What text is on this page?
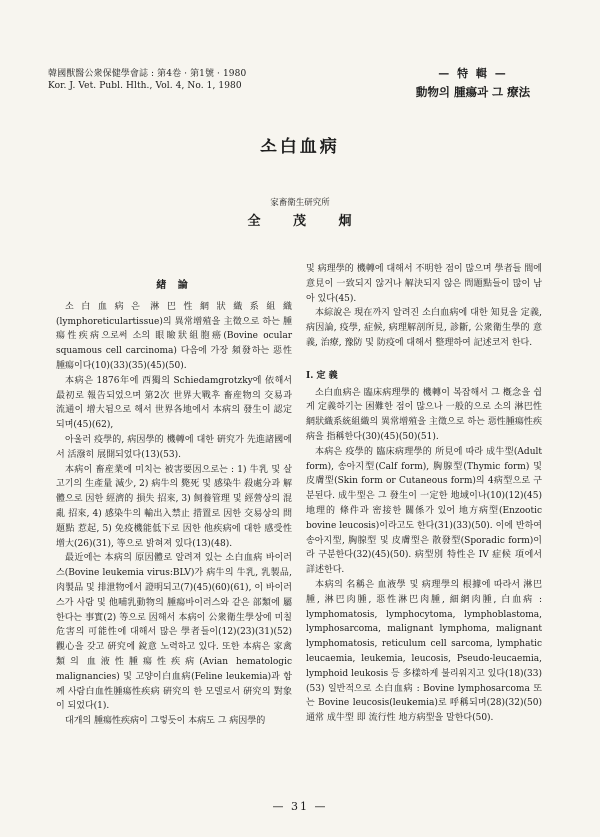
韓國獸醫公衆保健學會誌 : 第4卷 · 第1號 · 1980
Kor. J. Vet. Publ. Hlth., Vol. 4, No. 1, 1980
— 特 輯 —
動物의 腫瘍과 그 療法
소白血病
家畜衛生研究所
全 茂 炯
緖 論

소白血病은 淋巴性網狀織系組織(lymphoreticulartissue)의 異常增殖을 主徵으로 하는 腫瘍性疾病으로써 소의 眼瞼狀組胞癌(Bovine ocular squamous cell carcinoma) 다음에 가장 頻發하는 惡性腫瘍이다(10)(33)(35)(45)(50).

本病은 1876年에 西獨의 Schiedamgrotzky에 依해서 最初로 報告되었으며 第2次 世界大戰후 畜産物의 交易과 流通이 增大됨으로 해서 世界各地에서 本病의 發生이 認定되며(45)(62),

아울러 疫學的, 病因學的 機轉에 대한 硏究가 先進諸國에서 活潑히 展開되었다(13)(53).

本病이 畜産業에 미치는 被害要因으로는 : 1) 牛乳 및 살고기의 生產量 減少, 2) 病牛의 斃死 및 感染牛 殺處分과 解體으로 因한 經濟的 損失 招來, 3) 飼養管理 및 經營상의 混亂 招來, 4) 感染牛의 輸出入禁止 措置로 因한 交易상의 問題點 惹起, 5) 免疫機能低下로 因한 他疾病에 대한 感受性 增大(26)(31), 等으로 밝혀져 있다(13)(48).

最近에는 本病의 原因體로 알려져 있는 소白血病 바이러스(Bovine leukemia virus:BLV)가 病牛의 牛乳, 乳製品, 肉製品 및 排泄物에서 證明되고(7)(45)(60)(61), 이 바이러스가 사람 및 他哺乳動物의 腫瘍바이러스와 같은 部類에 屬한다는 事實(2) 等으로 因해서 本病이 公衆衛生學상에 미칠 危害의 可能性에 대해서 많은 學者들이(12)(23)(31)(52) 觀心을 갖고 硏究에 銳意 노력하고 있다. 또한 本病은 家禽類의 血液性腫瘍性疾病(Avian hematologic malignancies) 및 고양이白血病(Feline leukemia)과 함께 사람白血性腫瘍性疾病 硏究의 한 모델로서 硏究의 對象이 되었다(1).

대개의 腫瘍性疾病이 그렇듯이 本病도 그 病因學的

및 病理學的 機轉에 대해서 不明한 점이 많으며 學者들 間에 意見이 一致되지 않거나 解決되지 않은 問題點들이 많이 남아 있다(45).

本綜說은 現在까지 알려진 소白血病에 대한 知見을 定義, 病因論, 疫學, 症候, 病理解剖所見, 診斷, 公衆衛生學的 意義, 治療, 豫防 및 防疫에 대해서 整理하여 記述코저 한다.

I. 定 義

소白血病은 臨床病理學的 機轉이 복잡해서 그 槪念을 쉽게 定義하기는 困難한 점이 많으나 一般的으로 소의 淋巴性網狀織系統組織의 異常增殖을 主徵으로 하는 惡性腫瘍性疾病을 指稱한다(30)(45)(50)(51).

本病은 疫學的 臨床病理學的 所見에 따라 成牛型(Adult form), 송아지型(Calf form), 胸腺型(Thymic form) 및 皮膚型(Skin form or Cutaneous form)의 4病型으로 구분된다. 成牛型은 그 發生이 一定한 地域이나(10)(12)(45) 地理的 條件과 密接한 關係가 있어 地方病型(Enzootic bovine leucosis)이라고도 한다(31)(33)(50). 이에 반하여 송아지型, 胸腺型 및 皮膚型은 散發型(Sporadic form)이라 구분한다(32)(45)(50). 病型別 特性은 IV 症候 項에서 詳述한다.

本病의 名稱은 血液學 및 病理學의 根據에 따라서 淋巴腫, 淋巴肉腫, 惡性淋巴肉腫, 細網肉腫, 白血病 : lymphomatosis, lymphocytoma, lymphoblastoma, lymphosarcoma, malignant lymphoma, malignant lymphomatosis, reticulum cell sarcoma, lymphatic leucaemia, leukemia, leucosis, Pseudo-leucaemia, lymphoid leukosis 등 多樣하게 불리워지고 있다(18)(33)(53) 일반적으로 소白血病 : Bovine lymphosarcoma 또는 Bovine leucosis(leukemia)로 呼稱되며(28)(32)(50) 通常 成牛型 即 流行性 地方病型을 말한다(50).

— 31 —
